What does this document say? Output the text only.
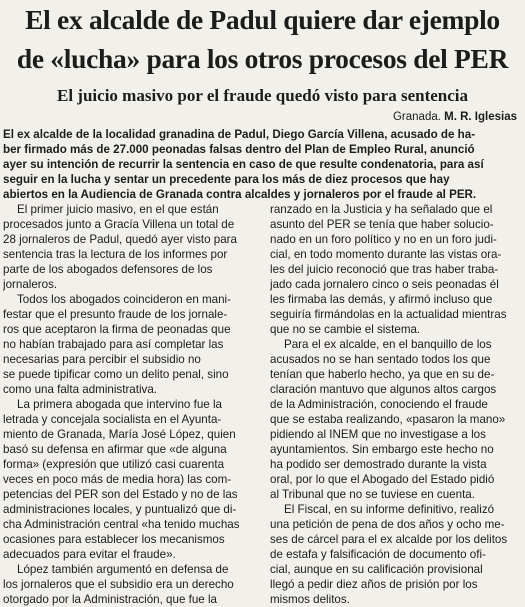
El ex alcalde de Padul quiere dar ejemplo
de «lucha» para los otros procesos del PER
El juicio masivo por el fraude quedó visto para sentencia
Granada. M. R. Iglesias
El ex alcalde de la localidad granadina de Padul, Diego García Villena, acusado de ha-
ber firmado más de 27.000 peonadas falsas dentro del Plan de Empleo Rural, anunció
ayer su intención de recurrir la sentencia en caso de que resulte condenatoria, para así
seguir en la lucha y sentar un precedente para los más de diez procesos que hay
abiertos en la Audiencia de Granada contra alcaldes y jornaleros por el fraude al PER.
El primer juicio masivo, en el que están
procesados junto a Gracía Villena un total de
28 jornaleros de Padul, quedó ayer visto para
sentencia tras la lectura de los informes por
parte de los abogados defensores de los
jornaleros.
Todos los abogados coincideron en mani-
festar que el presunto fraude de los jornale-
ros que aceptaron la firma de peonadas que
no habían trabajado para así completar las
necesarias para percibir el subsidio no
se puede tipificar como un delito penal, sino
como una falta administrativa.
La primera abogada que intervino fue la
letrada y concejala socialista en el Ayunta-
miento de Granada, María José López, quien
basó su defensa en afirmar que «de alguna
forma» (expresión que utilizó casi cuarenta
veces en poco más de media hora) las com-
petencias del PER son del Estado y no de las
administraciones locales, y puntualizó que di-
cha Administración central «ha tenido muchas
ocasiones para establecer los mecanismos
adecuados para evitar el fraude».
López también argumentó en defensa de
los jornaleros que el subsidio era un derecho
otorgado por la Administración, que fue la
ranzado en la Justicia y ha señalado que el
asunto del PER se tenía que haber solucio-
nado en un foro político y no en un foro judi-
cial, en todo momento durante las vistas ora-
les del juicio reconoció que tras haber traba-
jado cada jornalero cinco o seis peonadas él
les firmaba las demás, y afirmó incluso que
seguiría firmándolas en la actualidad mientras
que no se cambie el sistema.
Para el ex alcalde, en el banquillo de los
acusados no se han sentado todos los que
tenían que haberlo hecho, ya que en su de-
claración mantuvo que algunos altos cargos
de la Administración, conociendo el fraude
que se estaba realizando, «pasaron la mano»
pidiendo al INEM que no investigase a los
ayuntamientos. Sin embargo este hecho no
ha podido ser demostrado durante la vista
oral, por lo que el Abogado del Estado pidió
al Tribunal que no se tuviese en cuenta.
El Fiscal, en su informe definitivo, realizó
una petición de pena de dos años y ocho me-
ses de cárcel para el ex alcalde por los delitos
de estafa y falsificación de documento ofi-
cial, aunque en su calificación provisional
llegó a pedir diez años de prisión por los
mismos delitos.
